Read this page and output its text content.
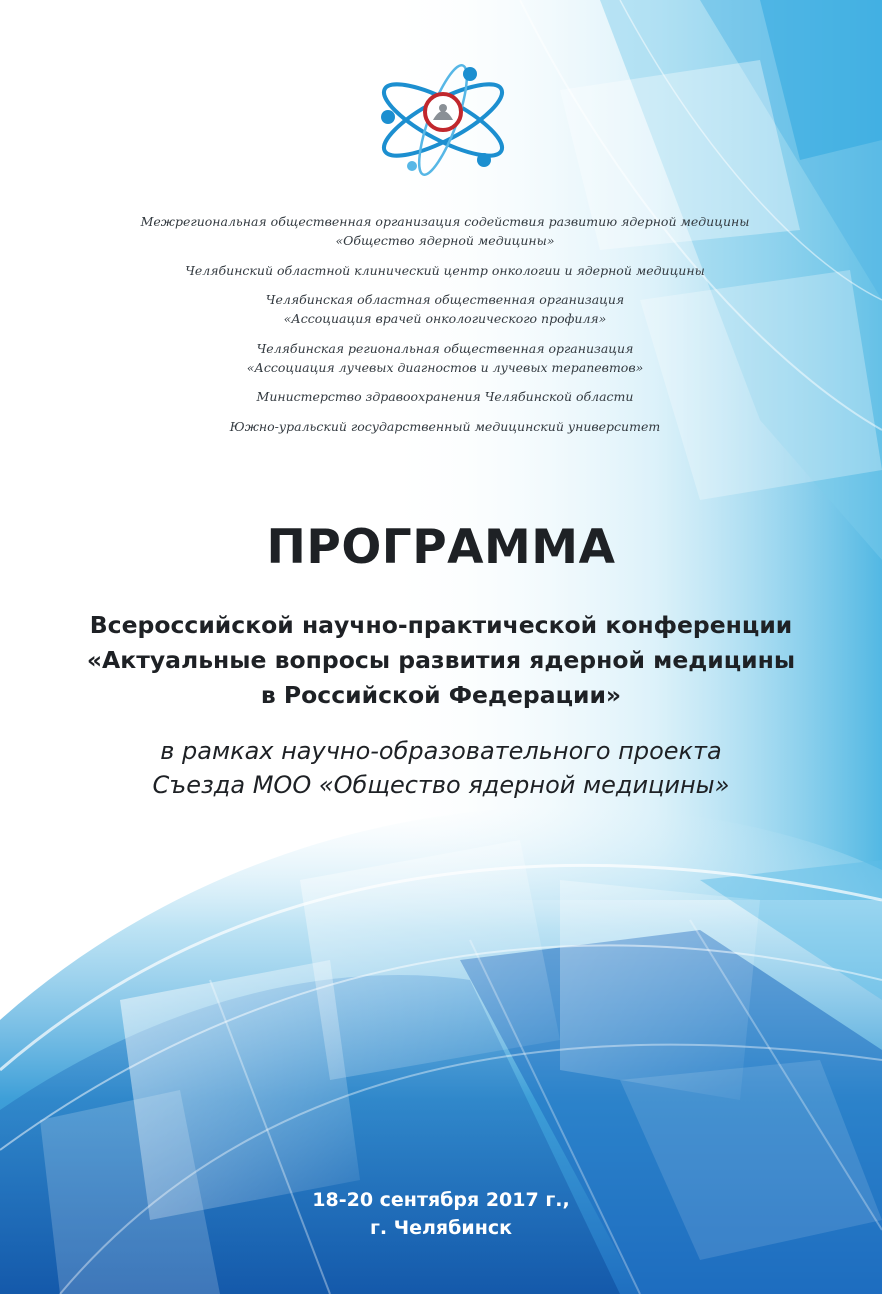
Межрегиональная общественная организация содействия развитию ядерной медицины
«Общество ядерной медицины»
Челябинский областной клинический центр онкологии и ядерной медицины
Челябинская областная общественная организация
«Ассоциация врачей онкологического профиля»
Челябинская региональная общественная организация
«Ассоциация лучевых диагностов и лучевых терапевтов»
Министерство здравоохранения Челябинской области
Южно-уральский государственный медицинский университет
ПРОГРАММА
Всероссийской научно-практической конференции
«Актуальные вопросы развития ядерной медицины
в Российской Федерации»
в рамках научно-образовательного проекта
Съезда МОО «Общество ядерной медицины»
18-20 сентября 2017 г.,
г. Челябинск
